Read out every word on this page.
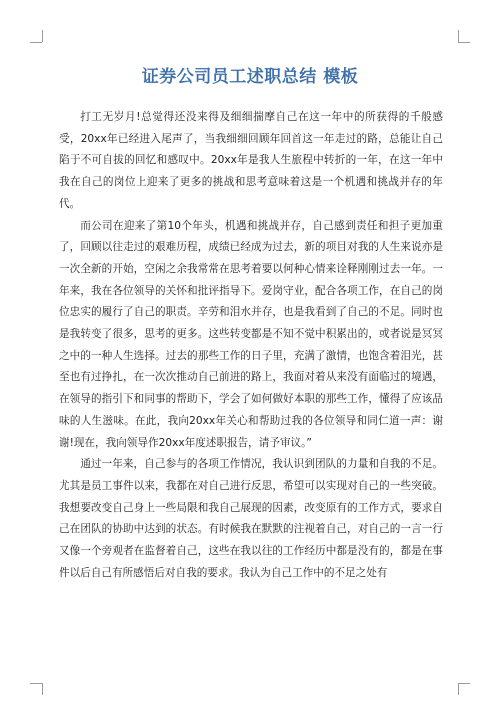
证券公司员工述职总结 模板

打工无岁月!总觉得还没来得及细细揣摩自己在这一年中的所获得的千般感受，20xx年已经进入尾声了，当我细细回顾年回首这一年走过的路，总能让自己陷于不可自拔的回忆和感叹中。20xx年是我人生旅程中转折的一年，在这一年中我在自己的岗位上迎来了更多的挑战和思考意味着这是一个机遇和挑战并存的年代。

而公司在迎来了第10个年头，机遇和挑战并存，自己感到责任和担子更加重了，回顾以往走过的艰难历程，成绩已经成为过去，新的项目对我的人生来说亦是一次全新的开始，空闲之余我常常在思考着要以何种心情来诠释刚刚过去一年。一年来，我在各位领导的关怀和批评指导下。爱岗守业，配合各项工作，在自己的岗位忠实的履行了自己的职责。辛劳和泪水并存，也是我看到了自己的不足。同时也是我转变了很多，思考的更多。这些转变都是不知不觉中积累出的，或者说是冥冥之中的一种人生选择。过去的那些工作的日子里，充满了激情，也饱含着泪光，甚至也有过挣扎，在一次次推动自己前进的路上，我面对着从来没有面临过的境遇，在领导的指引下和同事的帮助下，学会了如何做好本职的那些工作，懂得了应该品味的人生滋味。在此，我向20xx年关心和帮助过我的各位领导和同仁道一声：谢谢!现在，我向领导作20xx年度述职报告，请予审议。”

通过一年来，自己参与的各项工作情况，我认识到团队的力量和自我的不足。尤其是员工事件以来，我都在对自己进行反思，希望可以实现对自己的一些突破。我想要改变自己身上一些局限和我自己展现的因素，改变原有的工作方式，要求自己在团队的协助中达到的状态。有时候我在默默的注视着自己，对自己的一言一行又像一个旁观者在监督着自己，这些在我以往的工作经历中都是没有的，都是在事件以后自己有所感悟后对自我的要求。我认为自己工作中的不足之处有
